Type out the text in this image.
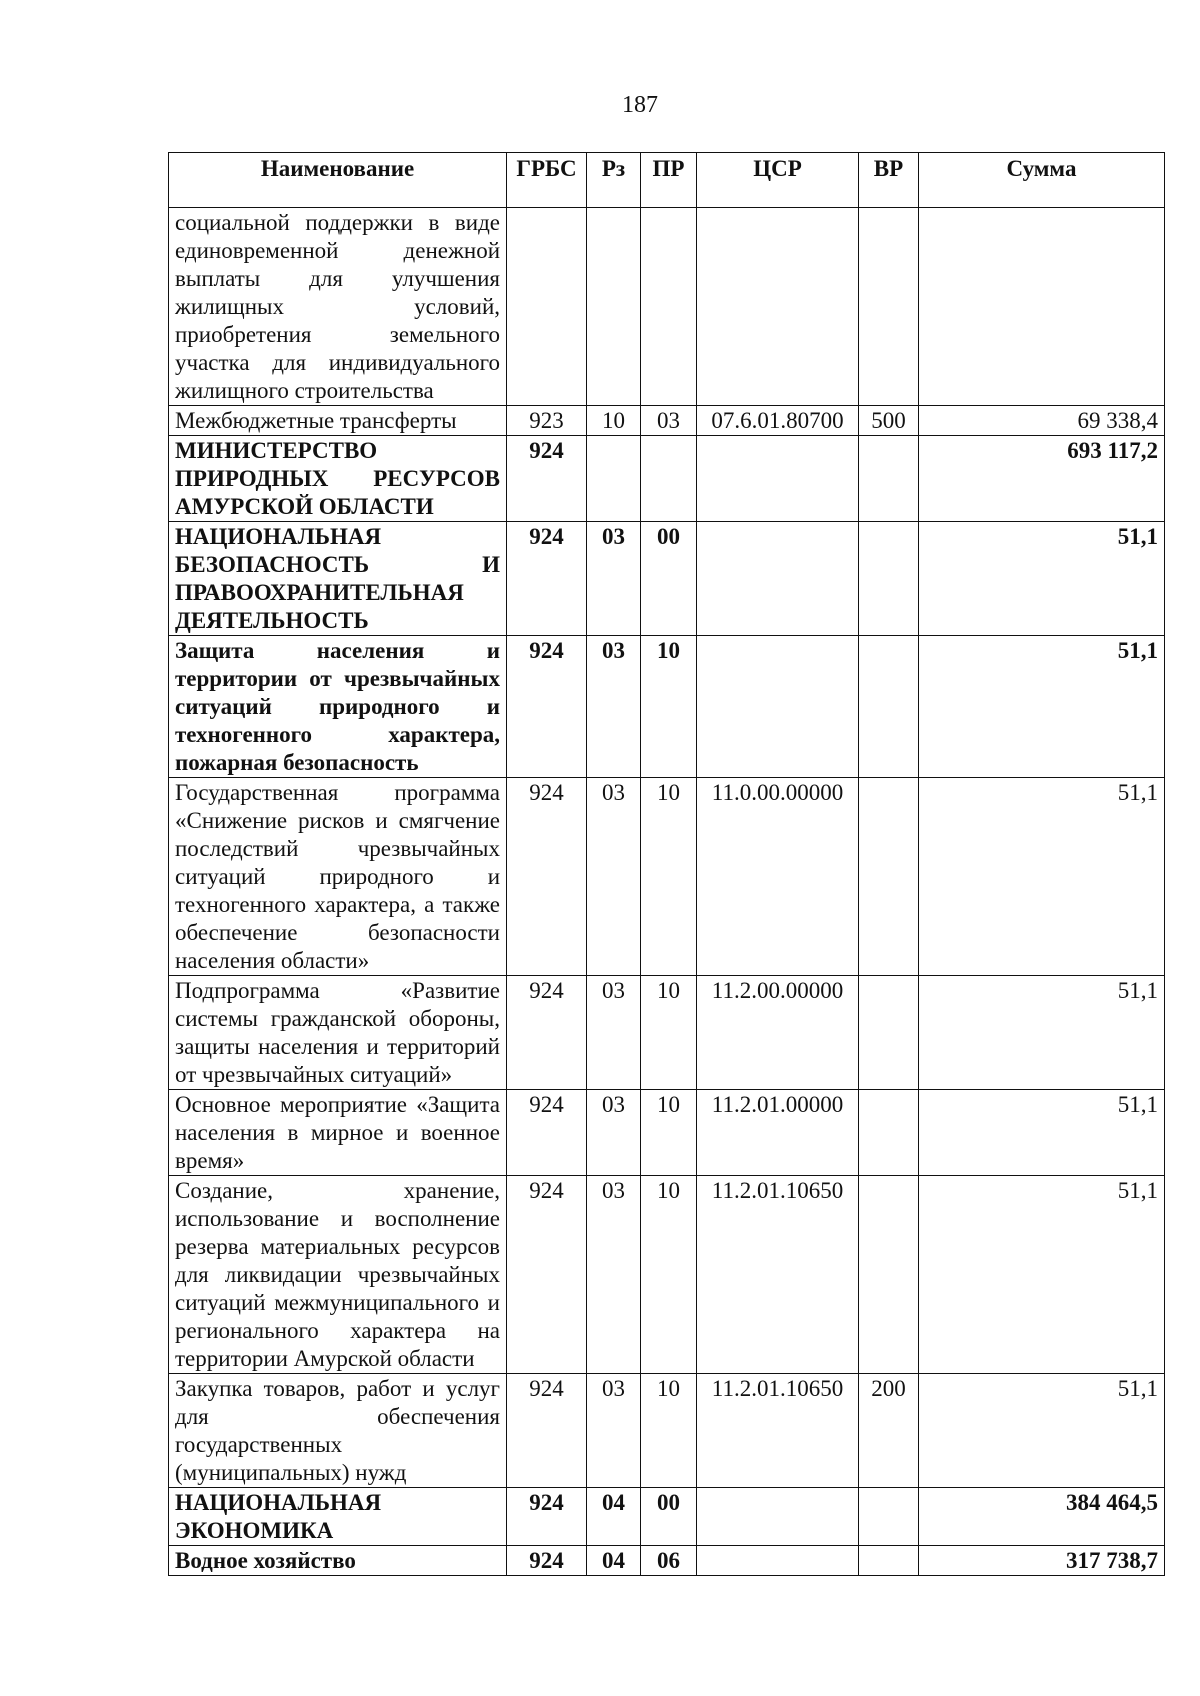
187
Наименование	ГРБС	Рз	ПР	ЦСР	ВР	Сумма
социальной поддержки в виде единовременной денежной выплаты для улучшения жилищных условий, приобретения земельного участка для индивидуального жилищного строительства						
Межбюджетные трансферты	923	10	03	07.6.01.80700	500	69 338,4
МИНИСТЕРСТВО ПРИРОДНЫХ РЕСУРСОВ АМУРСКОЙ ОБЛАСТИ	924					693 117,2
НАЦИОНАЛЬНАЯ БЕЗОПАСНОСТЬ И ПРАВООХРАНИТЕЛЬНАЯ ДЕЯТЕЛЬНОСТЬ	924	03	00			51,1
Защита населения и территории от чрезвычайных ситуаций природного и техногенного характера, пожарная безопасность	924	03	10			51,1
Государственная программа «Снижение рисков и смягчение последствий чрезвычайных ситуаций природного и техногенного характера, а также обеспечение безопасности населения области»	924	03	10	11.0.00.00000		51,1
Подпрограмма «Развитие системы гражданской обороны, защиты населения и территорий от чрезвычайных ситуаций»	924	03	10	11.2.00.00000		51,1
Основное мероприятие «Защита населения в мирное и военное время»	924	03	10	11.2.01.00000		51,1
Создание, хранение, использование и восполнение резерва материальных ресурсов для ликвидации чрезвычайных ситуаций межмуниципального и регионального характера на территории Амурской области	924	03	10	11.2.01.10650		51,1
Закупка товаров, работ и услуг для обеспечения государственных (муниципальных) нужд	924	03	10	11.2.01.10650	200	51,1
НАЦИОНАЛЬНАЯ ЭКОНОМИКА	924	04	00			384 464,5
Водное хозяйство	924	04	06			317 738,7
